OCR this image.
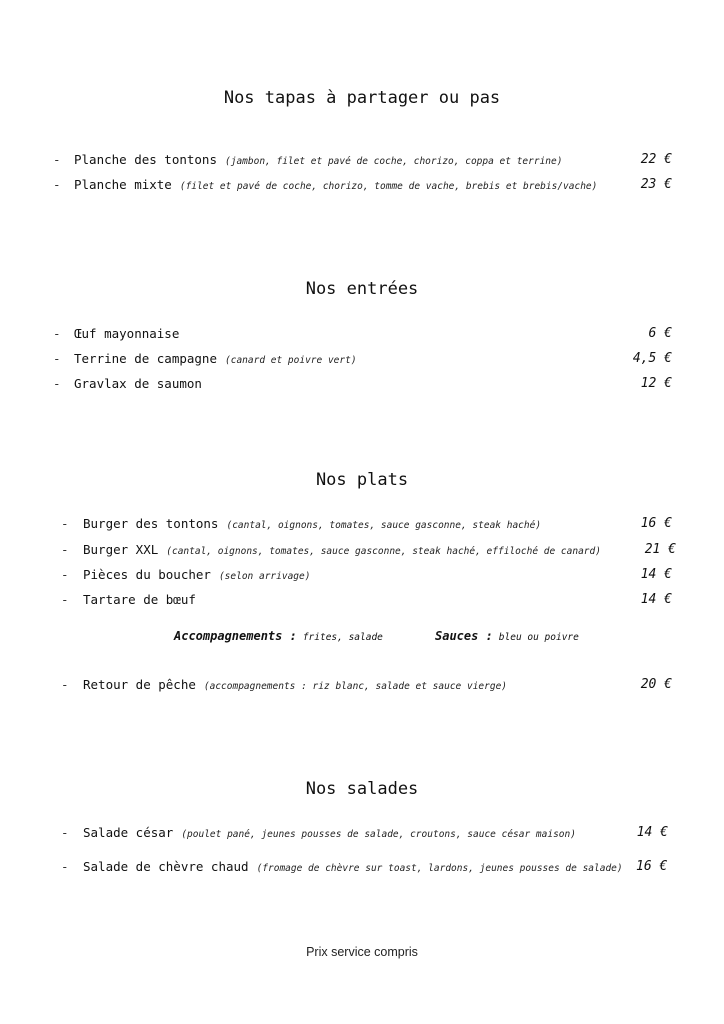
Nos tapas à partager ou pas
- Planche des tontons (jambon, filet et pavé de coche, chorizo, coppa et terrine)	22 €
- Planche mixte (filet et pavé de coche, chorizo, tomme de vache, brebis et brebis/vache)	23 €
Nos entrées
- Œuf mayonnaise	6 €
- Terrine de campagne (canard et poivre vert)	4,5 €
- Gravlax de saumon	12 €
Nos plats
- Burger des tontons (cantal, oignons, tomates, sauce gasconne, steak haché)	16 €
- Burger XXL (cantal, oignons, tomates, sauce gasconne, steak haché, effiloché de canard)	21 €
- Pièces du boucher (selon arrivage)	14 €
- Tartare de bœuf	14 €
Accompagnements : frites, salade	Sauces : bleu ou poivre
- Retour de pêche (accompagnements : riz blanc, salade et sauce vierge)	20 €
Nos salades
- Salade césar (poulet pané, jeunes pousses de salade, croutons, sauce césar maison)	14 €
- Salade de chèvre chaud (fromage de chèvre sur toast, lardons, jeunes pousses de salade) 16 €
Prix service compris
